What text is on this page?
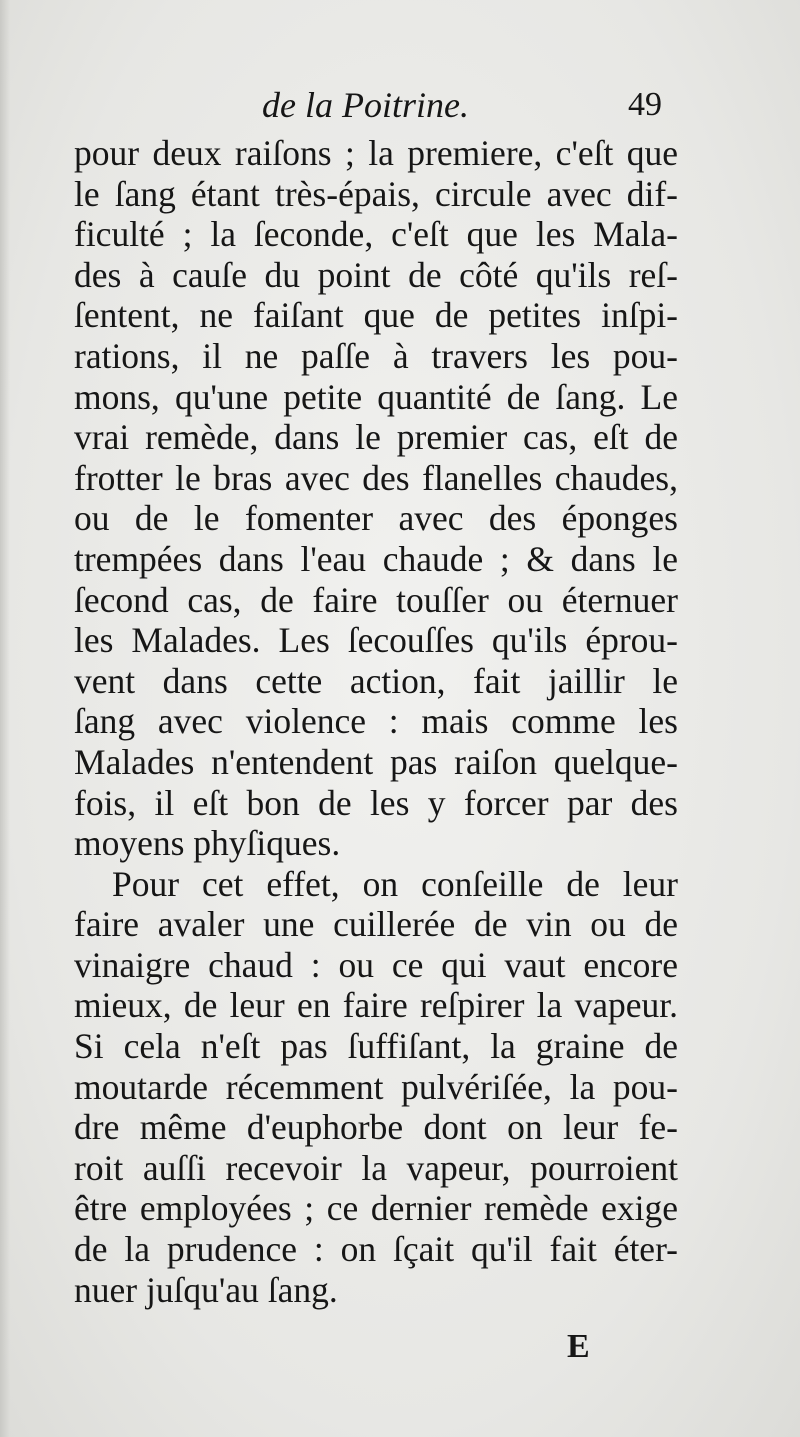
de la Poitrine.	49
pour deux raiſons ; la premiere, c'eſt que
le ſang étant très-épais, circule avec dif-
ficulté ; la ſeconde, c'eſt que les Mala-
des à cauſe du point de côté qu'ils reſ-
ſentent, ne faiſant que de petites inſpi-
rations, il ne paſſe à travers les pou-
mons, qu'une petite quantité de ſang. Le
vrai remède, dans le premier cas, eſt de
frotter le bras avec des flanelles chaudes,
ou de le fomenter avec des éponges
trempées dans l'eau chaude ; & dans le
ſecond cas, de faire touſſer ou éternuer
les Malades. Les ſecouſſes qu'ils éprou-
vent dans cette action, fait jaillir le
ſang avec violence : mais comme les
Malades n'entendent pas raiſon quelque-
fois, il eſt bon de les y forcer par des
moyens phyſiques.
Pour cet effet, on conſeille de leur
faire avaler une cuillerée de vin ou de
vinaigre chaud : ou ce qui vaut encore
mieux, de leur en faire reſpirer la vapeur.
Si cela n'eſt pas ſuffiſant, la graine de
moutarde récemment pulvériſée, la pou-
dre même d'euphorbe dont on leur fe-
roit auſſi recevoir la vapeur, pourroient
être employées ; ce dernier remède exige
de la prudence : on ſçait qu'il fait éter-
nuer juſqu'au ſang.
E
